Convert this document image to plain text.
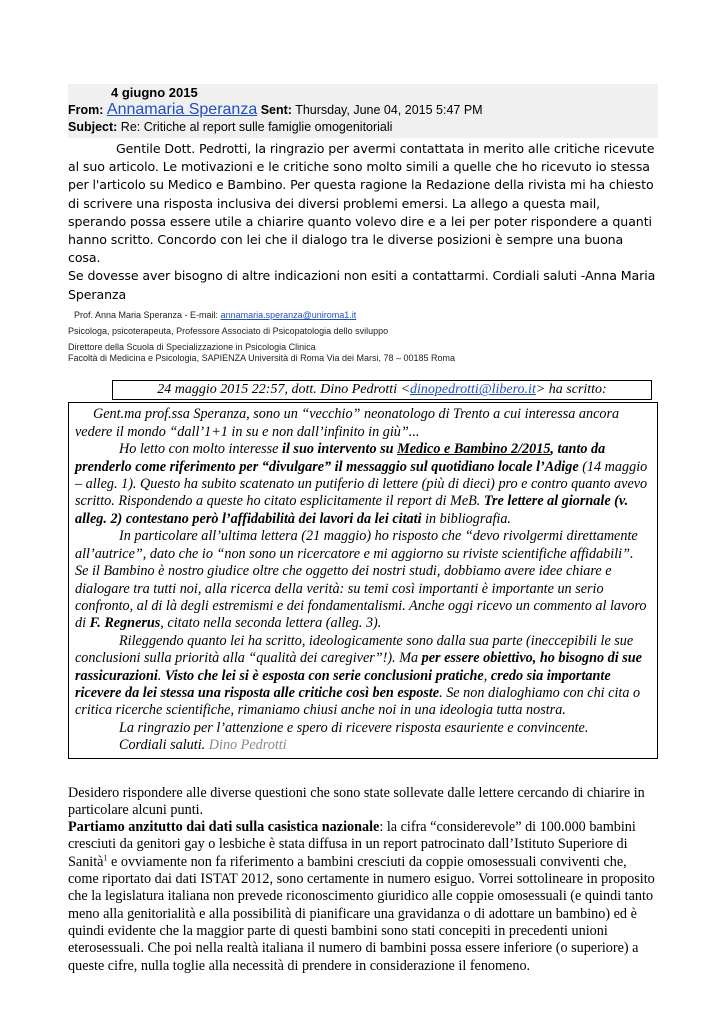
4 giugno 2015
From: Annamaria Speranza Sent: Thursday, June 04, 2015 5:47 PM
Subject: Re: Critiche al report sulle famiglie omogenitoriali

Gentile Dott. Pedrotti, la ringrazio per avermi contattata in merito alle critiche ricevute al suo articolo. Le motivazioni e le critiche sono molto simili a quelle che ho ricevuto io stessa per l'articolo su Medico e Bambino. Per questa ragione la Redazione della rivista mi ha chiesto di scrivere una risposta inclusiva dei diversi problemi emersi. La allego a questa mail, sperando possa essere utile a chiarire quanto volevo dire e a lei per poter rispondere a quanti hanno scritto. Concordo con lei che il dialogo tra le diverse posizioni è sempre una buona cosa.

Se dovesse aver bisogno di altre indicazioni non esiti a contattarmi. Cordiali saluti -Anna Maria Speranza

Prof. Anna Maria Speranza - E-mail: annamaria.speranza@uniroma1.it
Psicologa, psicoterapeuta, Professore Associato di Psicopatologia dello sviluppo
Direttore della Scuola di Specializzazione in Psicologia Clinica
Facoltà di Medicina e Psicologia, SAPIENZA Università di Roma Via dei Marsi, 78 – 00185 Roma
24 maggio 2015 22:57, dott. Dino Pedrotti <dinopedrotti@libero.it> ha scritto:

Gent.ma prof.ssa Speranza, sono un “vecchio” neonatologo di Trento a cui interessa ancora vedere il mondo “dall’1+1 in su e non dall’infinito in giù”...

Ho letto con molto interesse il suo intervento su Medico e Bambino 2/2015, tanto da prenderlo come riferimento per “divulgare” il messaggio sul quotidiano locale l’Adige (14 maggio – alleg. 1). Questo ha subito scatenato un putiferio di lettere (più di dieci) pro e contro quanto avevo scritto. Rispondendo a queste ho citato esplicitamente il report di MeB. Tre lettere al giornale (v. alleg. 2) contestano però l’affidabilità dei lavori da lei citati in bibliografia.

In particolare all’ultima lettera (21 maggio) ho risposto che “devo rivolgermi direttamente all’autrice”, dato che io “non sono un ricercatore e mi aggiorno su riviste scientifiche affidabili”. Se il Bambino è nostro giudice oltre che oggetto dei nostri studi, dobbiamo avere idee chiare e dialogare tra tutti noi, alla ricerca della verità: su temi così importanti è importante un serio confronto, al di là degli estremismi e dei fondamentalismi. Anche oggi ricevo un commento al lavoro di F. Regnerus, citato nella seconda lettera (alleg. 3).

Rileggendo quanto lei ha scritto, ideologicamente sono dalla sua parte (ineccepibili le sue conclusioni sulla priorità alla “qualità dei caregiver”!). Ma per essere obiettivo, ho bisogno di sue rassicurazioni. Visto che lei si è esposta con serie conclusioni pratiche, credo sia importante ricevere da lei stessa una risposta alle critiche così ben esposte. Se non dialoghiamo con chi cita o critica ricerche scientifiche, rimaniamo chiusi anche noi in una ideologia tutta nostra.

La ringrazio per l’attenzione e spero di ricevere risposta esauriente e convincente.

Cordiali saluti. Dino Pedrotti

Desidero rispondere alle diverse questioni che sono state sollevate dalle lettere cercando di chiarire in particolare alcuni punti.

Partiamo anzitutto dai dati sulla casistica nazionale: la cifra “considerevole” di 100.000 bambini cresciuti da genitori gay o lesbiche è stata diffusa in un report patrocinato dall’Istituto Superiore di Sanità$^1$ e ovviamente non fa riferimento a bambini cresciuti da coppie omosessuali conviventi che, come riportato dai dati ISTAT 2012, sono certamente in numero esiguo. Vorrei sottolineare in proposito che la legislatura italiana non prevede riconoscimento giuridico alle coppie omosessuali (e quindi tanto meno alla genitorialità e alla possibilità di pianificare una gravidanza o di adottare un bambino) ed è quindi evidente che la maggior parte di questi bambini sono stati concepiti in precedenti unioni eterosessuali. Che poi nella realtà italiana il numero di bambini possa essere inferiore (o superiore) a queste cifre, nulla toglie alla necessità di prendere in considerazione il fenomeno.
